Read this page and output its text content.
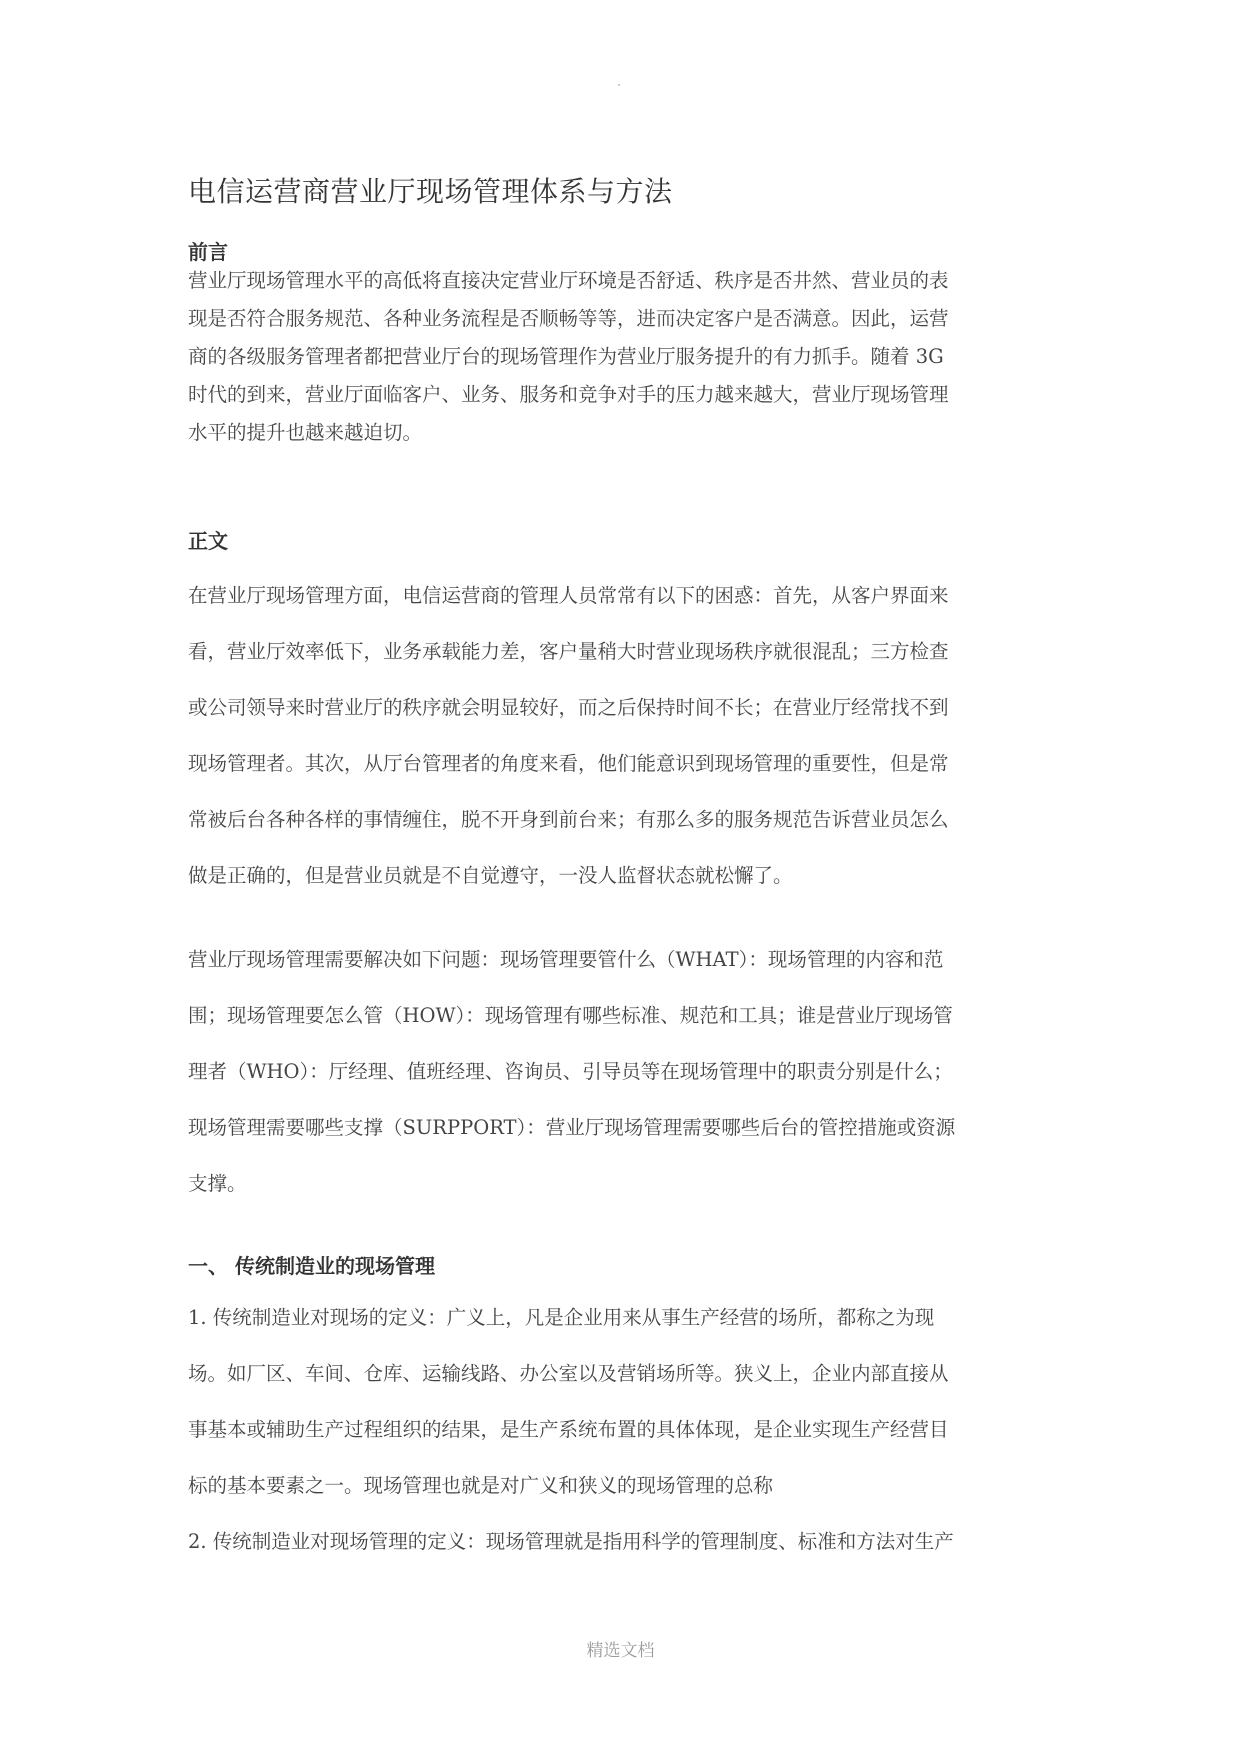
电信运营商营业厅现场管理体系与方法
前言

营业厅现场管理水平的高低将直接决定营业厅环境是否舒适、秩序是否井然、营业员的表

现是否符合服务规范、各种业务流程是否顺畅等等，进而决定客户是否满意。因此，运营

商的各级服务管理者都把营业厅台的现场管理作为营业厅服务提升的有力抓手。随着 3G

时代的到来，营业厅面临客户、业务、服务和竞争对手的压力越来越大，营业厅现场管理

水平的提升也越来越迫切。

正文

在营业厅现场管理方面，电信运营商的管理人员常常有以下的困惑：首先，从客户界面来

看，营业厅效率低下，业务承载能力差，客户量稍大时营业现场秩序就很混乱；三方检查

或公司领导来时营业厅的秩序就会明显较好，而之后保持时间不长；在营业厅经常找不到

现场管理者。其次，从厅台管理者的角度来看，他们能意识到现场管理的重要性，但是常

常被后台各种各样的事情缠住，脱不开身到前台来；有那么多的服务规范告诉营业员怎么

做是正确的，但是营业员就是不自觉遵守，一没人监督状态就松懈了。

营业厅现场管理需要解决如下问题：现场管理要管什么（WHAT）：现场管理的内容和范

围；现场管理要怎么管（HOW）：现场管理有哪些标准、规范和工具；谁是营业厅现场管

理者（WHO）：厅经理、值班经理、咨询员、引导员等在现场管理中的职责分别是什么；

现场管理需要哪些支撑（SURPPORT）：营业厅现场管理需要哪些后台的管控措施或资源

支撑。

一、 传统制造业的现场管理

1. 传统制造业对现场的定义：广义上，凡是企业用来从事生产经营的场所，都称之为现

场。如厂区、车间、仓库、运输线路、办公室以及营销场所等。狭义上，企业内部直接从

事基本或辅助生产过程组织的结果，是生产系统布置的具体体现，是企业实现生产经营目

标的基本要素之一。现场管理也就是对广义和狭义的现场管理的总称

2. 传统制造业对现场管理的定义：现场管理就是指用科学的管理制度、标准和方法对生产

精选文档
